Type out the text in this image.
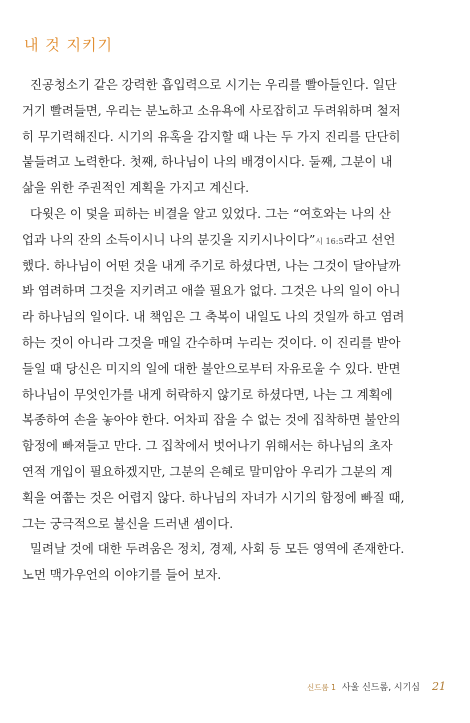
내 것 지키기

진공청소기 같은 강력한 흡입력으로 시기는 우리를 빨아들인다. 일단
거기 빨려들면, 우리는 분노하고 소유욕에 사로잡히고 두려워하며 철저
히 무기력해진다. 시기의 유혹을 감지할 때 나는 두 가지 진리를 단단히
붙들려고 노력한다. 첫째, 하나님이 나의 배경이시다. 둘째, 그분이 내
삶을 위한 주권적인 계획을 가지고 계신다.

다윗은 이 덫을 피하는 비결을 알고 있었다. 그는 “여호와는 나의 산
업과 나의 잔의 소득이시니 나의 분깃을 지키시나이다”시 16:5라고 선언
했다. 하나님이 어떤 것을 내게 주기로 하셨다면, 나는 그것이 달아날까
봐 염려하며 그것을 지키려고 애쓸 필요가 없다. 그것은 나의 일이 아니
라 하나님의 일이다. 내 책임은 그 축복이 내일도 나의 것일까 하고 염려
하는 것이 아니라 그것을 매일 간수하며 누리는 것이다. 이 진리를 받아
들일 때 당신은 미지의 일에 대한 불안으로부터 자유로울 수 있다. 반면
하나님이 무엇인가를 내게 허락하지 않기로 하셨다면, 나는 그 계획에
복종하여 손을 놓아야 한다. 어차피 잡을 수 없는 것에 집착하면 불안의
함정에 빠져들고 만다. 그 집착에서 벗어나기 위해서는 하나님의 초자
연적 개입이 필요하겠지만, 그분의 은혜로 말미암아 우리가 그분의 계
획을 여쭙는 것은 어렵지 않다. 하나님의 자녀가 시기의 함정에 빠질 때,
그는 궁극적으로 불신을 드러낸 셈이다.

밀려날 것에 대한 두려움은 정치, 경제, 사회 등 모든 영역에 존재한다.
노먼 맥가우언의 이야기를 들어 보자.

신드롬 1 사울 신드롬, 시기심 21
